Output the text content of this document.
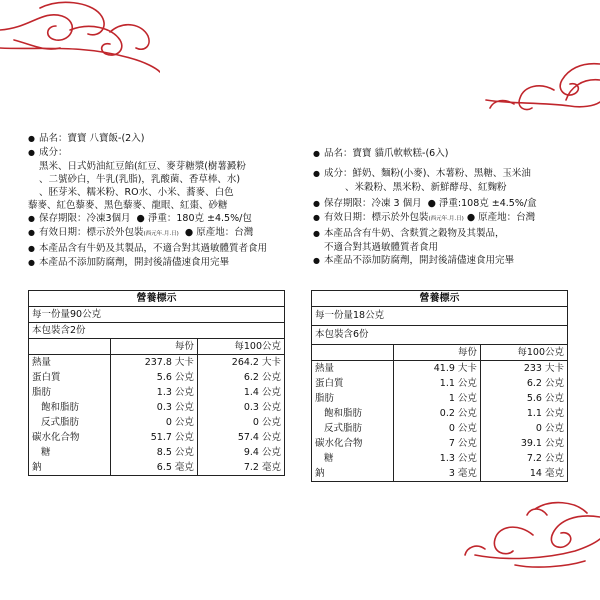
● 品名：寶寶 八寶飯-(2入)
● 成分：
黑米、日式奶油紅豆餡(紅豆、麥芽糖漿(樹薯澱粉
、二號砂白，牛乳(乳脂)，乳酸菌、香草棒、水)
、胚芽米、糯米粉、RO水、小米、蕎麥、白色
藜麥、紅色藜麥、黑色藜麥、龍眼、紅棗、砂糖
● 保存期限：冷凍3個月 ● 淨重：180克 ±4.5%/包
● 有效日期：標示於外包裝(西元年.月.日) ● 原產地：台灣
● 本產品含有牛奶及其製品，不適合對其過敏體質者食用
● 本產品不添加防腐劑，開封後請儘速食用完畢
營養標示		
每一份量90公克		
本包裝含2份		
	每份	每100公克
熱量	237.8 大卡	264.2 大卡
蛋白質	5.6 公克	6.2 公克
脂肪	1.3 公克	1.4 公克
飽和脂肪	0.3 公克	0.3 公克
反式脂肪	0 公克	0 公克
碳水化合物	51.7 公克	57.4 公克
糖	8.5 公克	9.4 公克
鈉	6.5 毫克	7.2 毫克
● 品名：寶寶 貓爪軟軟糕-(6入)
● 成分：鮮奶、麵粉(小麥)、木薯粉、黑糖、玉米油
、米穀粉、黑米粉、新鮮酵母、紅麴粉
● 保存期限：冷凍 3 個月 ● 淨重:108克 ±4.5%/盒
● 有效日期：標示於外包裝(西元年.月.日) ● 原產地：台灣
● 本產品含有牛奶、含麩質之穀物及其製品，
不適合對其過敏體質者食用
● 本產品不添加防腐劑，開封後請儘速食用完畢
營養標示		
每一份量18公克		
本包裝含6份		
	每份	每100公克
熱量	41.9 大卡	233 大卡
蛋白質	1.1 公克	6.2 公克
脂肪	1 公克	5.6 公克
飽和脂肪	0.2 公克	1.1 公克
反式脂肪	0 公克	0 公克
碳水化合物	7 公克	39.1 公克
糖	1.3 公克	7.2 公克
鈉	3 毫克	14 毫克
